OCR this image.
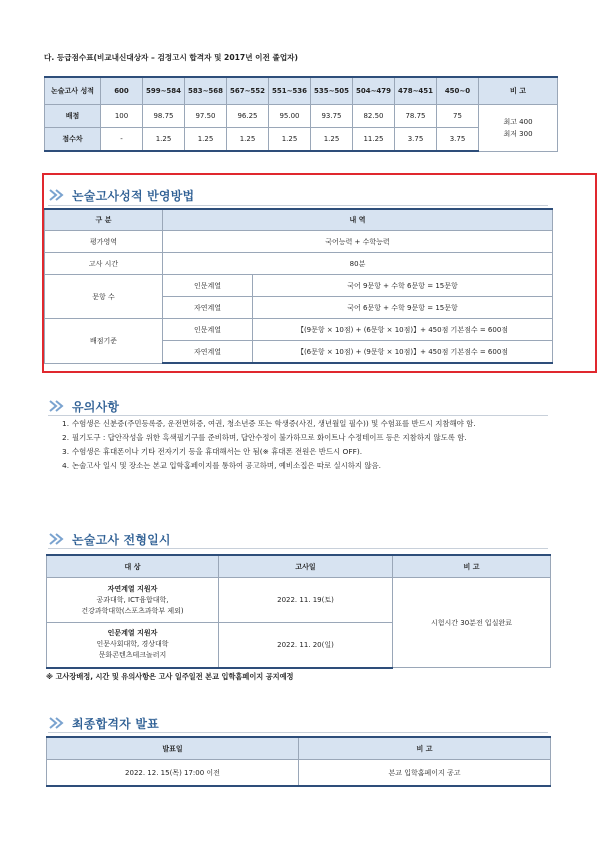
다. 등급점수표(비교내신대상자 – 검정고시 합격자 및 2017년 이전 졸업자)
논술고사 성적	600	599~584	583~568	567~552	551~536	535~505	504~479	478~451	450~0	비 고
배점	100	98.75	97.50	96.25	95.00	93.75	82.50	78.75	75	최고 400
최저 300

점수차	-	1.25	1.25	1.25	1.25	1.25	11.25	3.75	3.75	
논술고사성적 반영방법
구 분	내 역	
평가영역	국어능력 + 수학능력	
고사 시간	80분	
문항 수	인문계열	국어 9문항 + 수학 6문항 = 15문항
	자연계열	국어 6문항 + 수학 9문항 = 15문항
배점기준	인문계열	【(9문항 × 10점) + (6문항 × 10점)】+ 450점 기본점수 = 600점
	자연계열	【(6문항 × 10점) + (9문항 × 10점)】+ 450점 기본점수 = 600점
유의사항
1. 수험생은 신분증(주민등록증, 운전면허증, 여권, 청소년증 또는 학생증(사진, 생년월일 필수)) 및 수험표를 반드시 지참해야 함.
2. 필기도구 : 답안작성을 위한 흑색필기구를 준비하며, 답안수정이 불가하므로 화이트나 수정테이프 등은 지참하지 않도록 함.
3. 수험생은 휴대폰이나 기타 전자기기 등을 휴대해서는 안 됨(※ 휴대폰 전원은 반드시 OFF).
4. 논술고사 일시 및 장소는 본교 입학홈페이지를 통하여 공고하며, 예비소집은 따로 실시하지 않음.
논술고사 전형일시
대 상	고사일	비 고

자연계열 지원자
공과대학, ICT융합대학,
건강과학대학(스포츠과학부 제외)	2022. 11. 19(토)	시험시간 30분전 입실완료

인문계열 지원자
인문사회대학, 경상대학
문화콘텐츠테크놀러지	2022. 11. 20(일)	
※ 고사장배정, 시간 및 유의사항은 고사 일주일전 본교 입학홈페이지 공지예정
최종합격자 발표
발표일	비 고
2022. 12. 15(목) 17:00 이전	본교 입학홈페이지 공고
